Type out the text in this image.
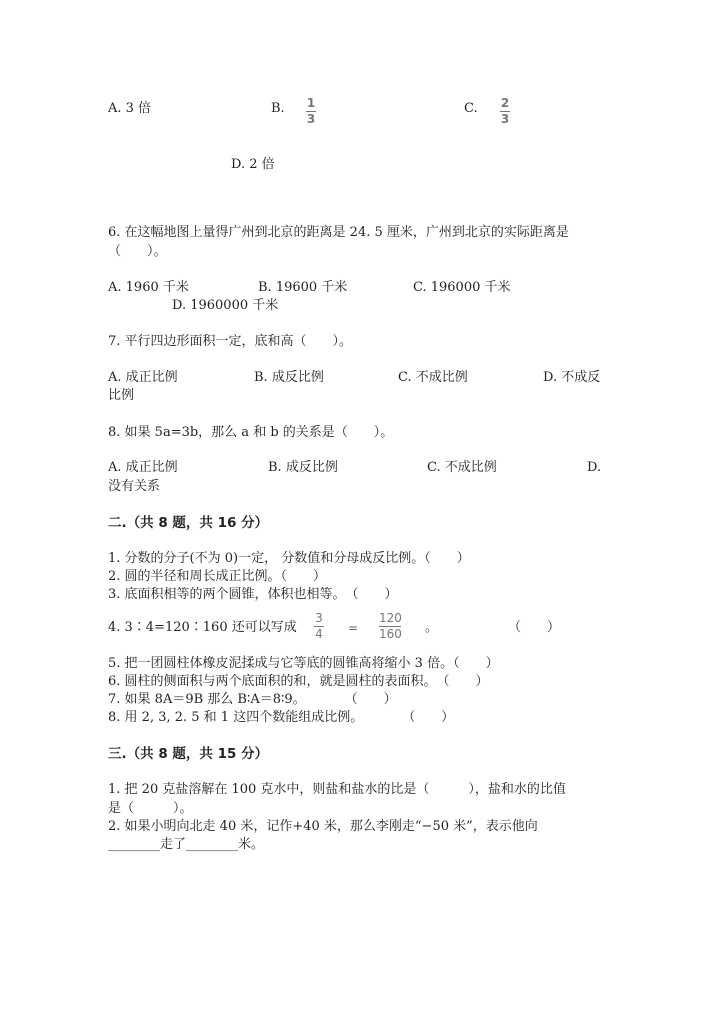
A. 3 倍	B. 1
3
C. 2
3
D. 2 倍
6. 在这幅地图上量得广州到北京的距离是 24. 5 厘米，广州到北京的实际距离是
（　　）。
A. 1960 千米	B. 19600 千米	C. 196000 千米
D. 1960000 千米
7. 平行四边形面积一定，底和高（　　）。
A. 成正比例	B. 成反比例	C. 不成比例	D. 不成反
比例
8. 如果 5a=3b，那么 a 和 b 的关系是（　　）。
A. 成正比例	B. 成反比例	C. 不成比例	D.
没有关系
二.（共 8 题，共 16 分）
1. 分数的分子(不为 0)一定， 分数值和分母成反比例。（　　）
2. 圆的半径和周长成正比例。（　　）
3. 底面积相等的两个圆锥，体积也相等。　（　　）
4. 3∶4=120∶160 还可以写成
3
4 =
120
160 。	（　　）
5. 把一团圆柱体橡皮泥揉成与它等底的圆锥高将缩小 3 倍。（　　）
6. 圆柱的侧面积与两个底面积的和，就是圆柱的表面积。　（　　）
7. 如果 8A＝9B 那么 B∶A＝8∶9。　　　　（　　）
8. 用 2, 3, 2. 5 和 1 这四个数能组成比例。　　　　（　　）
三.（共 8 题，共 15 分）
1. 把 20 克盐溶解在 100 克水中，则盐和盐水的比是（　　　），盐和水的比值
是（　　　）。
2. 如果小明向北走 40 米，记作+40 米，那么李刚走“−50 米”，表示他向
________走了________米。
